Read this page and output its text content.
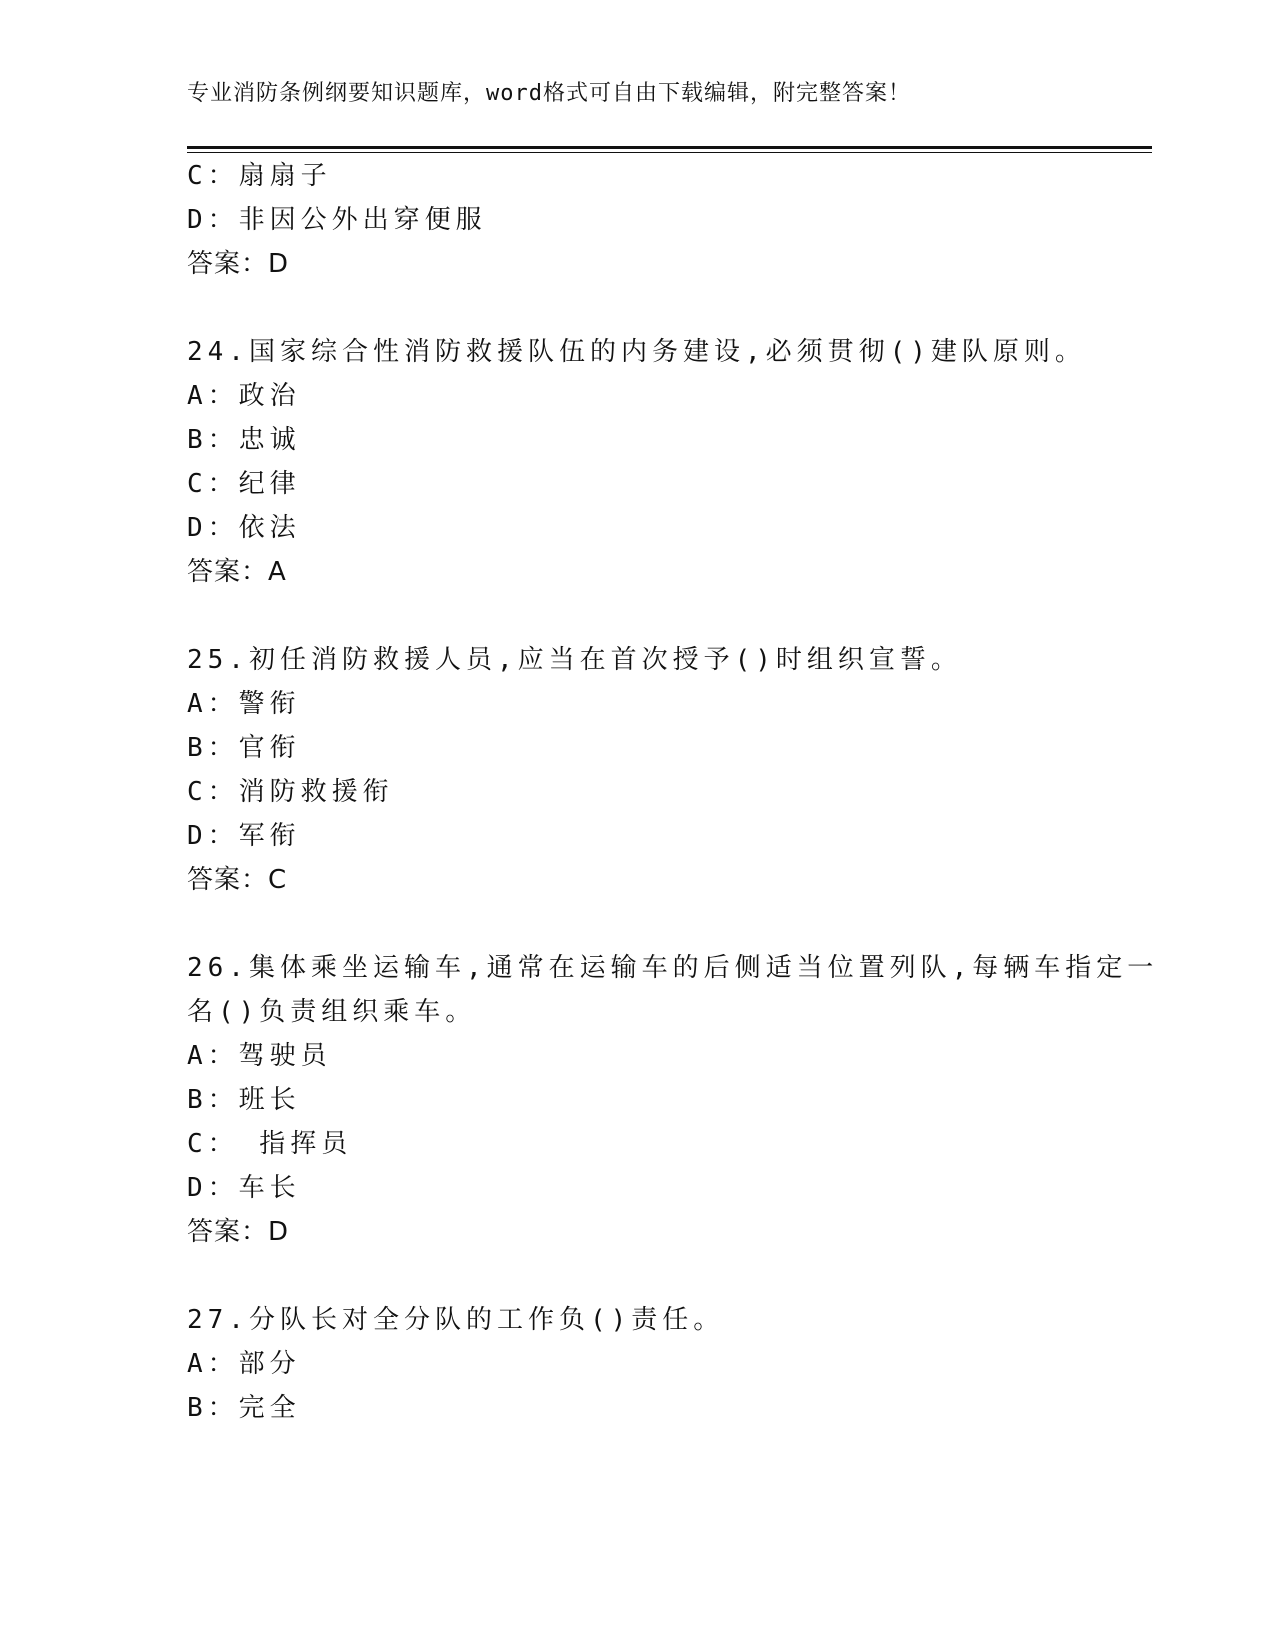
专业消防条例纲要知识题库，word格式可自由下载编辑，附完整答案！
C：扇扇子
D：非因公外出穿便服
答案：D
24.国家综合性消防救援队伍的内务建设,必须贯彻()建队原则。
A：政治
B：忠诚
C：纪律
D：依法
答案：A
25.初任消防救援人员,应当在首次授予()时组织宣誓。
A：警衔
B：官衔
C：消防救援衔
D：军衔
答案：C
26.集体乘坐运输车,通常在运输车的后侧适当位置列队,每辆车指定一
名()负责组织乘车。
A：驾驶员
B：班长
C： 指挥员
D：车长
答案：D
27.分队长对全分队的工作负()责任。
A：部分
B：完全
